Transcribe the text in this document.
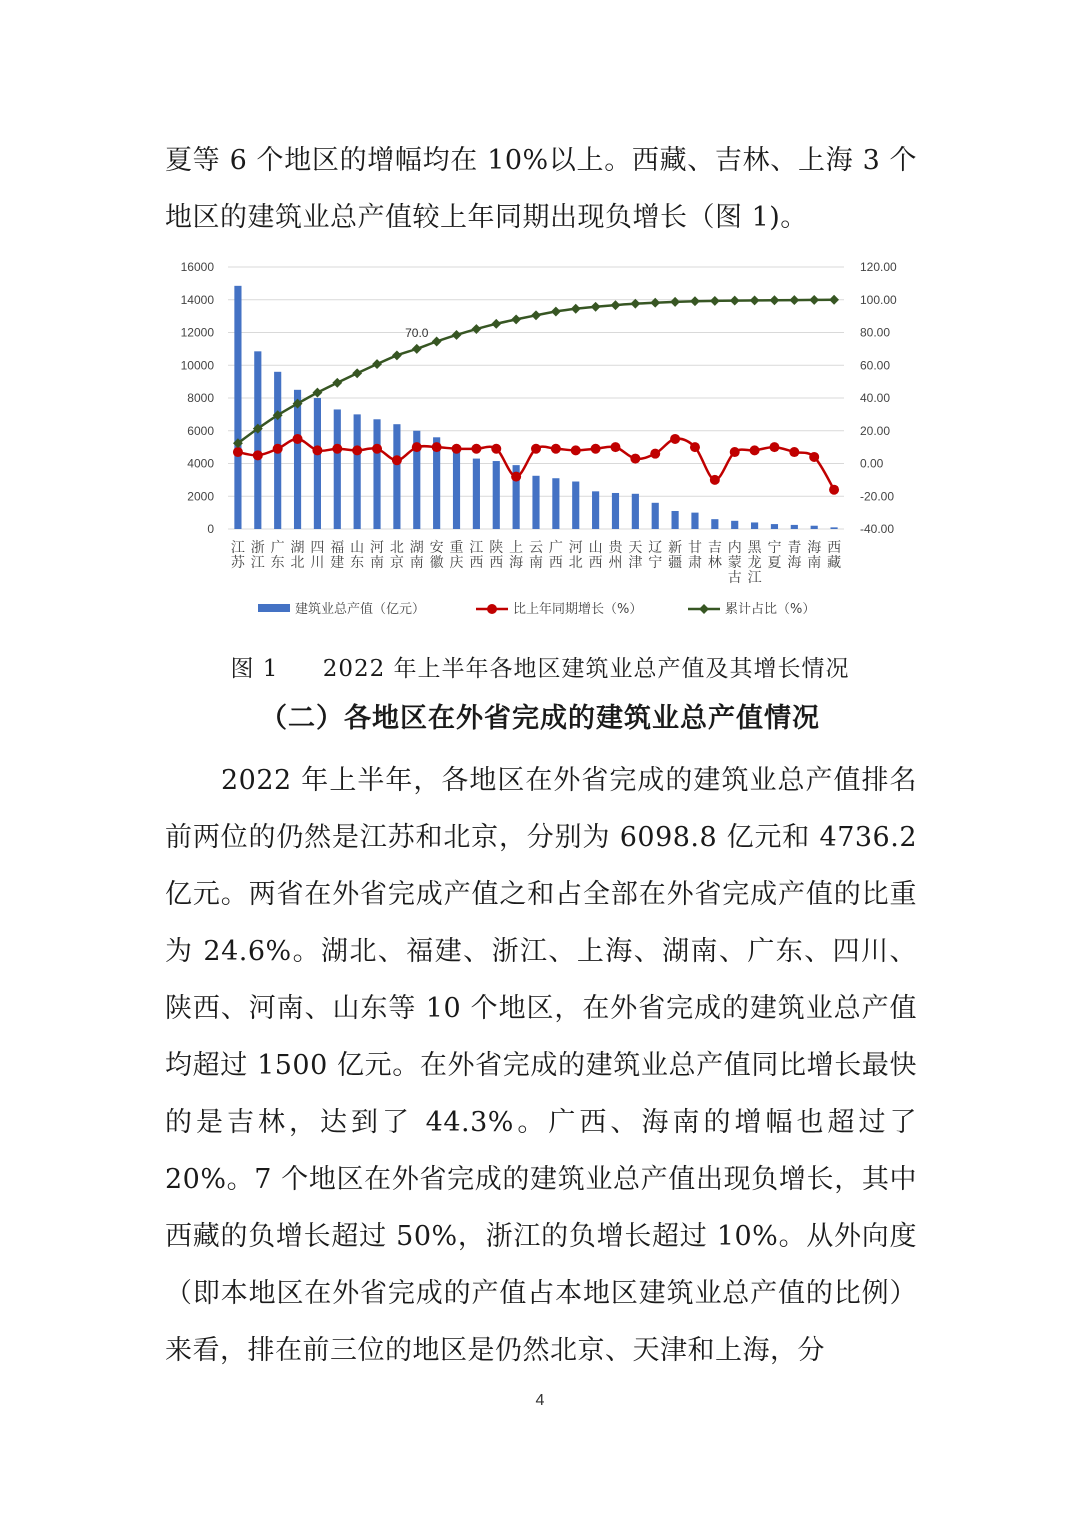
夏等 6 个地区的增幅均在 10%以上。西藏、吉林、上海 3 个地区的建筑业总产值较上年同期出现负增长（图 1)。

16000
14000
12000
10000
8000
6000
4000
2000
0
120.00
100.00
80.00
60.00
40.00
20.00
0.00
-20.00
-40.00
江苏
浙江
广东
湖北
四川
福建
山东
河南
北京
湖南
安徽
重庆
江西
陕西
上海
云南
广西
河北
山西
贵州
天津
辽宁
新疆
甘肃
吉林
内蒙古
黑龙江
宁夏
青海
海南
西藏
70.0
建筑业总产值（亿元）	比上年同期增长（%）	累计占比（%）
图 1 2022 年上半年各地区建筑业总产值及其增长情况
（二）各地区在外省完成的建筑业总产值情况

2022 年上半年，各地区在外省完成的建筑业总产值排名前两位的仍然是江苏和北京，分别为 6098.8 亿元和 4736.2 亿元。两省在外省完成产值之和占全部在外省完成产值的比重为 24.6%。湖北、福建、浙江、上海、湖南、广东、四川、陕西、河南、山东等 10 个地区，在外省完成的建筑业总产值均超过 1500 亿元。在外省完成的建筑业总产值同比增长最快的是吉林，达到了 44.3%。广西、海南的增幅也超过了 20%。7 个地区在外省完成的建筑业总产值出现负增长，其中西藏的负增长超过 50%，浙江的负增长超过 10%。从外向度（即本地区在外省完成的产值占本地区建筑业总产值的比例）来看，排在前三位的地区是仍然北京、天津和上海，分

4
